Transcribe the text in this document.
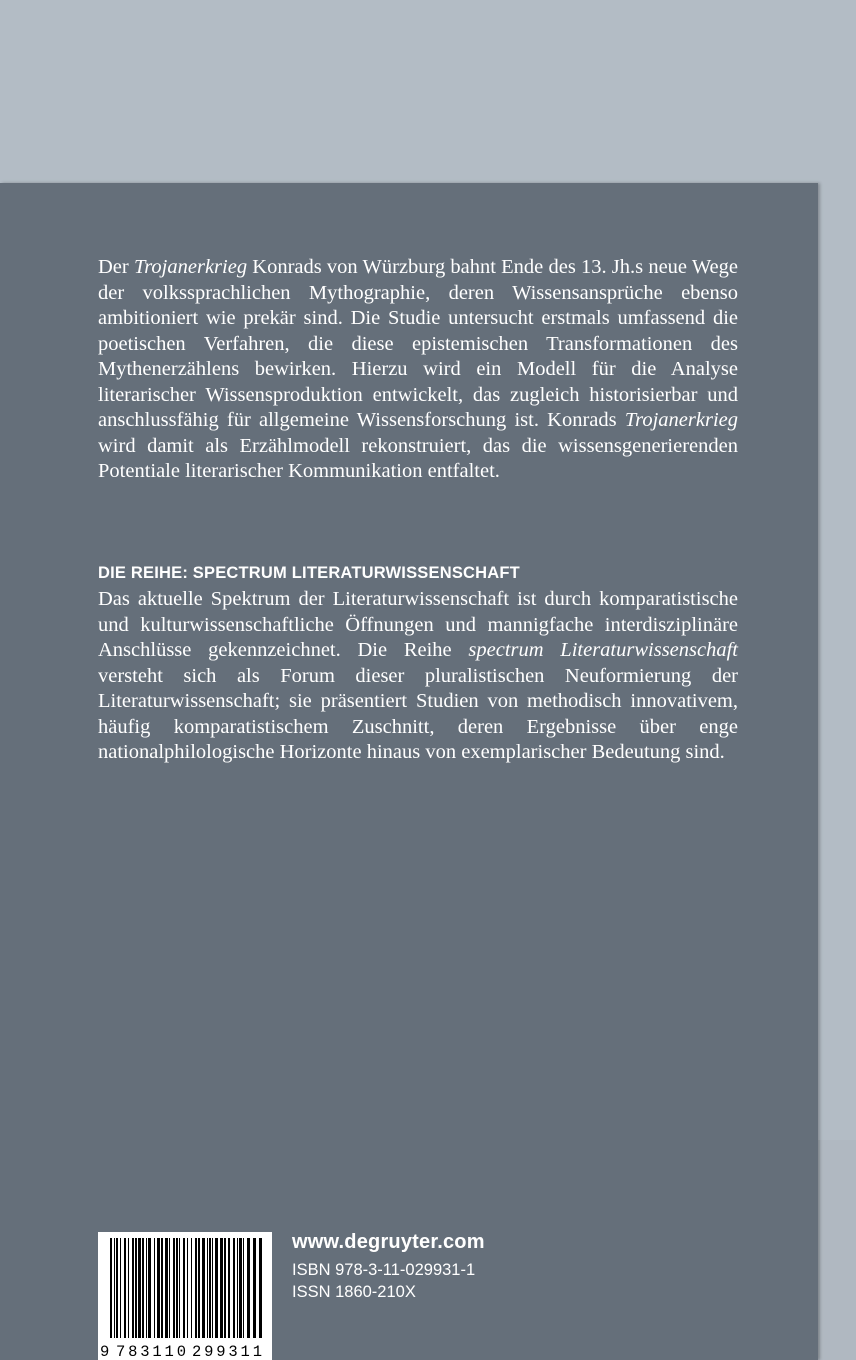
Der Trojanerkrieg Konrads von Würzburg bahnt Ende des 13. Jh.s neue Wege der volkssprachlichen Mythographie, deren Wissensansprüche ebenso ambitioniert wie prekär sind. Die Studie untersucht erstmals umfassend die poetischen Verfahren, die diese epistemischen Transformationen des Mythenerzählens bewirken. Hierzu wird ein Modell für die Analyse literarischer Wissensproduktion entwickelt, das zugleich historisierbar und anschlussfähig für allgemeine Wissensforschung ist. Konrads Trojanerkrieg wird damit als Erzählmodell rekonstruiert, das die wissensgenerierenden Potentiale literarischer Kommunikation entfaltet.

DIE REIHE: SPECTRUM LITERATURWISSENSCHAFT

Das aktuelle Spektrum der Literaturwissenschaft ist durch komparatistische und kulturwissenschaftliche Öffnungen und mannigfache interdisziplinäre Anschlüsse gekennzeichnet. Die Reihe spectrum Literaturwissenschaft versteht sich als Forum dieser pluralistischen Neuformierung der Literaturwissenschaft; sie präsentiert Studien von methodisch innovativem, häufig komparatistischem Zuschnitt, deren Ergebnisse über enge nationalphilologische Horizonte hinaus von exemplarischer Bedeutung sind.

9 783110 299311
www.degruyter.com
ISBN 978-3-11-029931-1
ISSN 1860-210X
